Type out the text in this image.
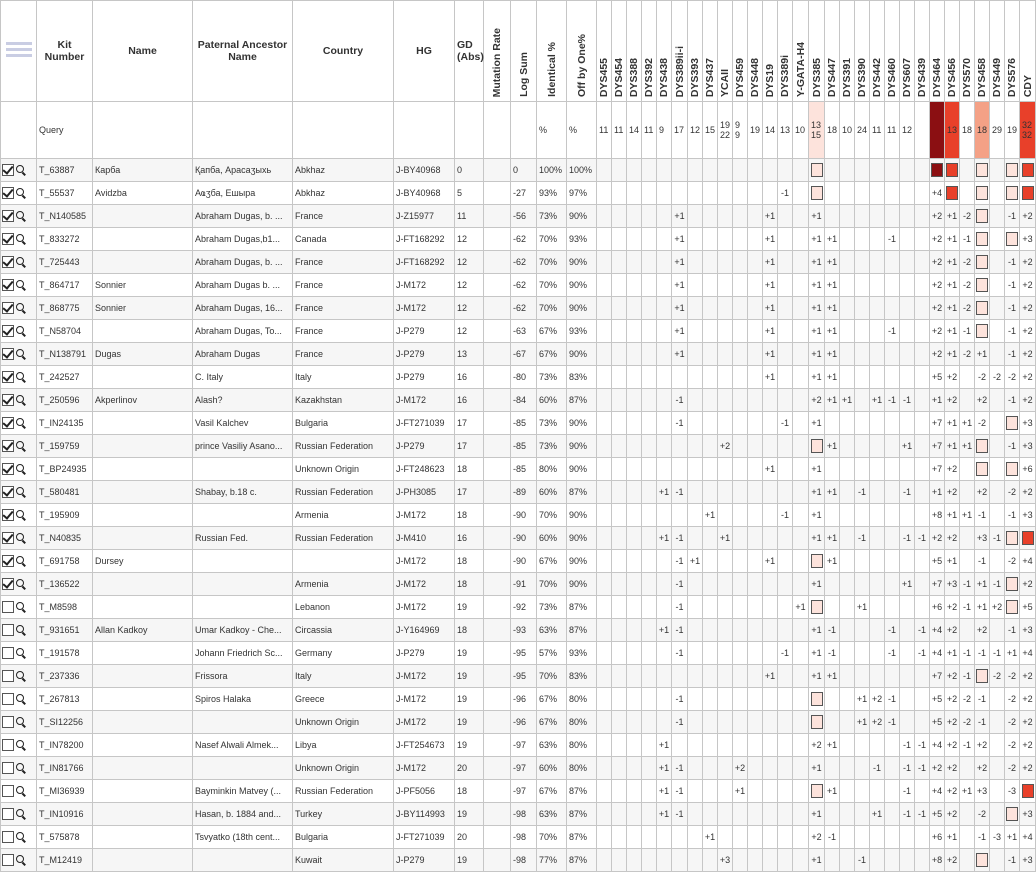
	Kit Number	Name	Paternal Ancestor Name	Country	HG	GD (Abs)	Mutation Rate	Log Sum	Identical %	Off by One%	DYS455	DYS454	DYS388	DYS392	DYS438	DYS389ii-i	DYS393	DYS437	YCAII	DYS459	DYS448	DYS19	DYS389i	Y-GATA-H4	DYS385	DYS447	DYS391	DYS390	DYS442	DYS460	DYS607	DYS439	DYS464	DYS456	DYS570	DYS458	DYS449	DYS576	CDY

	Query								%	%	11	11	14	11	9	17	12	15	19 22	9 9	19	14	13	10	13 15	18	10	24	11	11	12			13	18	18	29	19	32 32
	T_63887	Карба	Қапба, Арасаӡыхь	Abkhaz	J-BY40968	0		0	100%	100%															

	T_55537	Avidzba	Аҩӡба, Ешыра	Abkhaz	J-BY40968	5		-27	93%	97%													-1										+4	

	T_N140585		Abraham Dugas, b. ...	France	J-Z15977	11		-56	73%	90%						+1						+1			+1								+2	+1	-2			-1	+2
	T_833272		Abraham Dugas,b1...	Canada	J-FT168292	12		-62	70%	93%						+1						+1			+1	+1				-1			+2	+1	-1				+3
	T_725443		Abraham Dugas, b. ...	France	J-FT168292	12		-62	70%	90%						+1						+1			+1	+1							+2	+1	-2			-1	+2
	T_864717	Sonnier	Abraham Dugas b. ...	France	J-M172	12		-62	70%	90%						+1						+1			+1	+1							+2	+1	-2			-1	+2
	T_868775	Sonnier	Abraham Dugas, 16...	France	J-M172	12		-62	70%	90%						+1						+1			+1	+1							+2	+1	-2			-1	+2
	T_N58704		Abraham Dugas, To...	France	J-P279	12		-63	67%	93%						+1						+1			+1	+1				-1			+2	+1	-1			-1	+2
	T_N138791	Dugas	Abraham Dugas	France	J-P279	13		-67	67%	90%						+1						+1			+1	+1							+2	+1	-2	+1		-1	+2
	T_242527		C. Italy	Italy	J-P279	16		-80	73%	83%												+1			+1	+1							+5	+2		-2	-2	-2	+2
	T_250596	Akperlinov	Alash?	Kazakhstan	J-M172	16		-84	60%	87%						-1									+2	+1	+1		+1	-1	-1		+1	+2		+2		-1	+2
	T_IN24135		Vasil Kalchev	Bulgaria	J-FT271039	17		-85	73%	90%						-1							-1		+1								+7	+1	+1	-2			+3
	T_159759		prince Vasiliy Asano...	Russian Federation	J-P279	17		-85	73%	90%									+2							+1					+1		+7	+1	+1			-1	+3
	T_BP24935			Unknown Origin	J-FT248623	18		-85	80%	90%												+1			+1								+7	+2					+6
	T_580481		Shabay, b.18 c.	Russian Federation	J-PH3085	17		-89	60%	87%					+1	-1									+1	+1		-1			-1		+1	+2		+2		-2	+2
	T_195909			Armenia	J-M172	18		-90	70%	90%								+1					-1		+1								+8	+1	+1	-1		-1	+3
	T_N40835		Russian Fed.	Russian Federation	J-M410	16		-90	60%	90%					+1	-1			+1						+1	+1		-1			-1	-1	+2	+2		+3	-1	

	T_691758	Dursey			J-M172	18		-90	67%	90%						-1	+1					+1				+1							+5	+1		-1		-2	+4
	T_136522			Armenia	J-M172	18		-91	70%	90%						-1									+1						+1		+7	+3	-1	+1	-1		+2
	T_M8598			Lebanon	J-M172	19		-92	73%	87%						-1								+1				+1					+6	+2	-1	+1	+2		+5
	T_931651	Allan Kadkoy	Umar Kadkoy - Che...	Circassia	J-Y164969	18		-93	63%	87%					+1	-1									+1	-1				-1		-1	+4	+2		+2		-1	+3
	T_191578		Johann Friedrich Sc...	Germany	J-P279	19		-95	57%	93%						-1							-1		+1	-1				-1		-1	+4	+1	-1	-1	-1	+1	+4
	T_237336		Frissora	Italy	J-M172	19		-95	70%	83%												+1			+1	+1							+7	+2	-1		-2	-2	+2
	T_267813		Spiros Halaka	Greece	J-M172	19		-96	67%	80%						-1												+1	+2	-1			+5	+2	-2	-1		-2	+2
	T_SI12256			Unknown Origin	J-M172	19		-96	67%	80%						-1												+1	+2	-1			+5	+2	-2	-1		-2	+2
	T_IN78200		Nasef Alwali Almek...	Libya	J-FT254673	19		-97	63%	80%					+1										+2	+1					-1	-1	+4	+2	-1	+2		-2	+2
	T_IN81766			Unknown Origin	J-M172	20		-97	60%	80%					+1	-1				+2					+1				-1		-1	-1	+2	+2		+2		-2	+2
	T_MI36939		Bayminkin Matvey (...	Russian Federation	J-PF5056	18		-97	67%	87%					+1	-1				+1						+1					-1		+4	+2	+1	+3		-3	

	T_IN10916		Hasan, b. 1884 and...	Turkey	J-BY114993	19		-98	63%	87%					+1	-1									+1				+1		-1	-1	+5	+2		-2			+3
	T_575878		Tsvyatko (18th cent...	Bulgaria	J-FT271039	20		-98	70%	87%								+1							+2	-1							+6	+1		-1	-3	+1	+4
	T_M12419			Kuwait	J-P279	19		-98	77%	87%									+3						+1			-1					+8	+2				-1	+3
